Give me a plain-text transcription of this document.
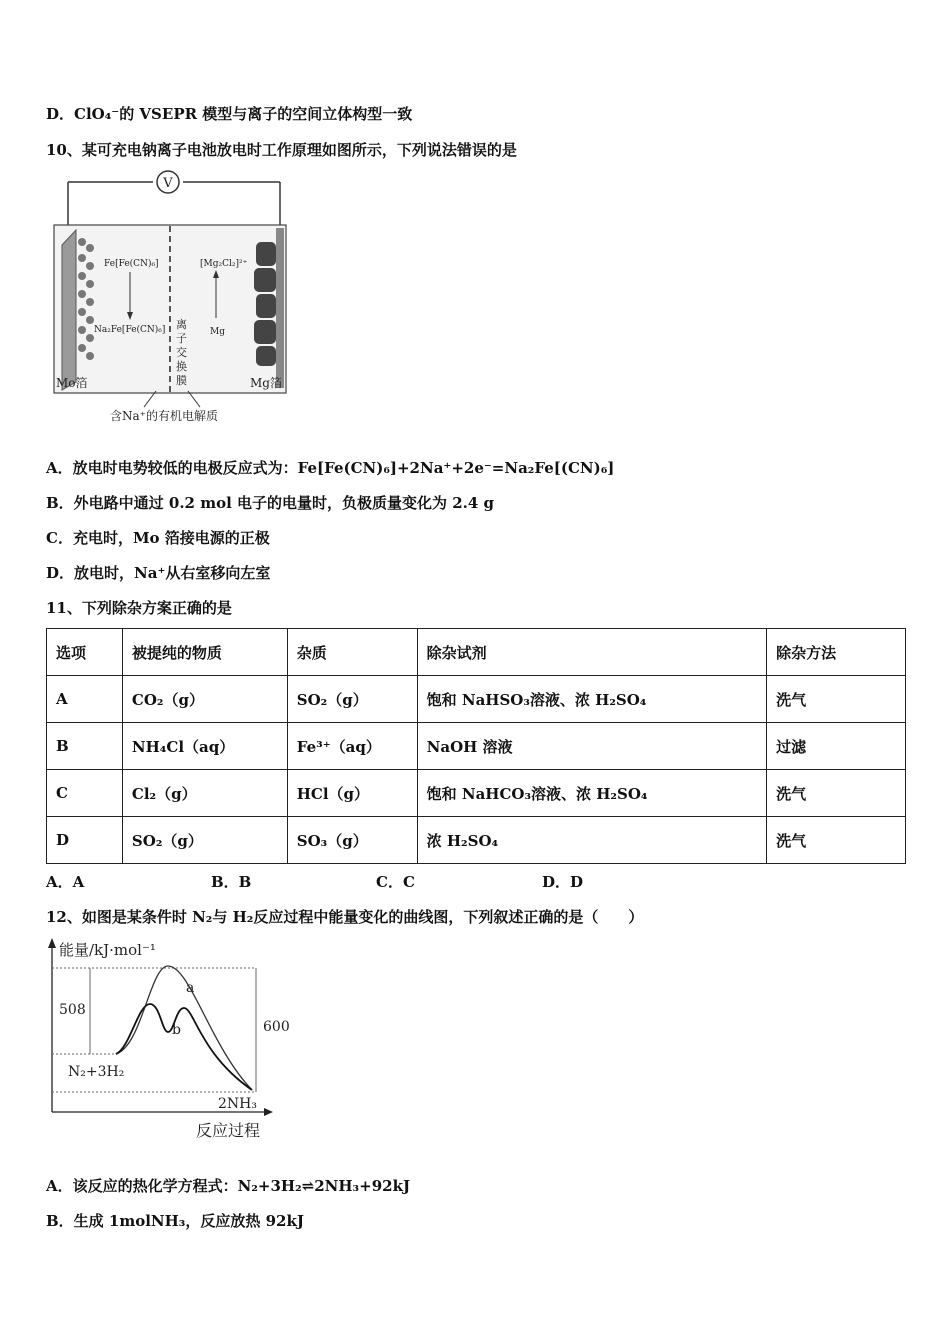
D．ClO₄⁻的 VSEPR 模型与离子的空间立体构型一致
10、某可充电钠离子电池放电时工作原理如图所示，下列说法错误的是
V
Fe[Fe(CN)₆]
Na₂Fe[Fe(CN)₆]
[Mg₂Cl₂]²⁺
Mg
离
子
交
换
膜
Mo箔	Mg箔
含Na⁺的有机电解质
A．放电时电势较低的电极反应式为：Fe[Fe(CN)₆]+2Na⁺+2e⁻=Na₂Fe[(CN)₆]
B．外电路中通过 0.2 mol 电子的电量时，负极质量变化为 2.4 g
C．充电时，Mo 箔接电源的正极
D．放电时，Na⁺从右室移向左室
11、下列除杂方案正确的是
选项	被提纯的物质	杂质	除杂试剂	除杂方法
A	CO₂（g）	SO₂（g）	饱和 NaHSO₃溶液、浓 H₂SO₄	洗气
B	NH₄Cl（aq）	Fe³⁺（aq）	NaOH 溶液	过滤
C	Cl₂（g）	HCl（g）	饱和 NaHCO₃溶液、浓 H₂SO₄	洗气
D	SO₂（g）	SO₃（g）	浓 H₂SO₄	洗气
A．A	B．B	C．C	D．D
12、如图是某条件时 N₂与 H₂反应过程中能量变化的曲线图，下列叙述正确的是（　　）
能量/kJ·mol⁻¹
508
600
a
b
N₂+3H₂
2NH₃
反应过程
A．该反应的热化学方程式：N₂+3H₂⇌2NH₃+92kJ
B．生成 1molNH₃，反应放热 92kJ
